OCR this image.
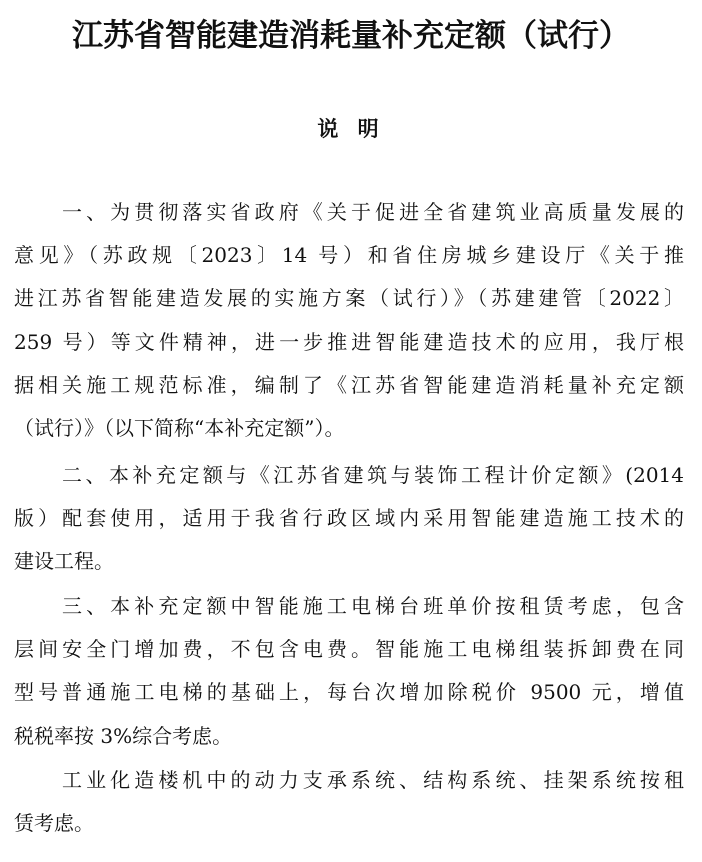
江苏省智能建造消耗量补充定额（试行）
说 明
一、为贯彻落实省政府《关于促进全省建筑业高质量发展的
意见》（苏政规〔2023〕14 号）和省住房城乡建设厅《关于推
进江苏省智能建造发展的实施方案（试行）》（苏建建管〔2022〕
259 号）等文件精神，进一步推进智能建造技术的应用，我厅根
据相关施工规范标准，编制了《江苏省智能建造消耗量补充定额
（试行）》（以下简称“本补充定额”）。
二、本补充定额与《江苏省建筑与装饰工程计价定额》(2014
版）配套使用，适用于我省行政区域内采用智能建造施工技术的
建设工程。
三、本补充定额中智能施工电梯台班单价按租赁考虑，包含
层间安全门增加费，不包含电费。智能施工电梯组装拆卸费在同
型号普通施工电梯的基础上，每台次增加除税价 9500 元，增值
税税率按 3%综合考虑。
工业化造楼机中的动力支承系统、结构系统、挂架系统按租
赁考虑。
